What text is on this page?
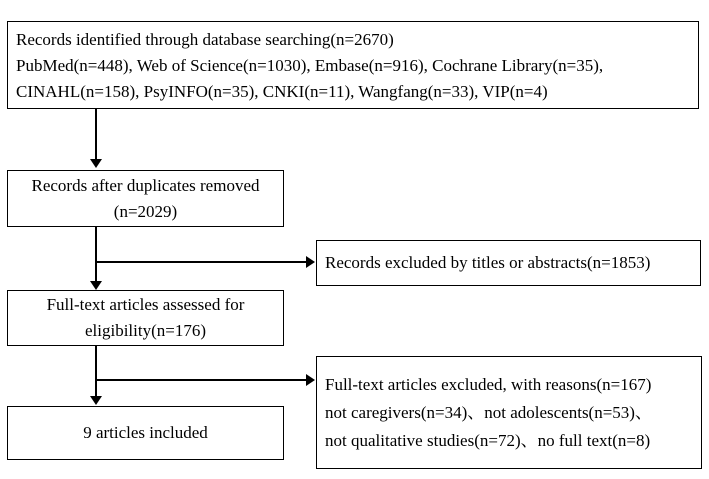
Records identified through database searching(n=2670)
PubMed(n=448), Web of Science(n=1030), Embase(n=916), Cochrane Library(n=35), CINAHL(n=158), PsyINFO(n=35), CNKI(n=11), Wangfang(n=33), VIP(n=4)
Records after duplicates removed
(n=2029)
Records excluded by titles or abstracts(n=1853)
Full-text articles assessed for
eligibility(n=176)
Full-text articles excluded, with reasons(n=167)
not caregivers(n=34)、not adolescents(n=53)、
not qualitative studies(n=72)、no full text(n=8)
9 articles included
